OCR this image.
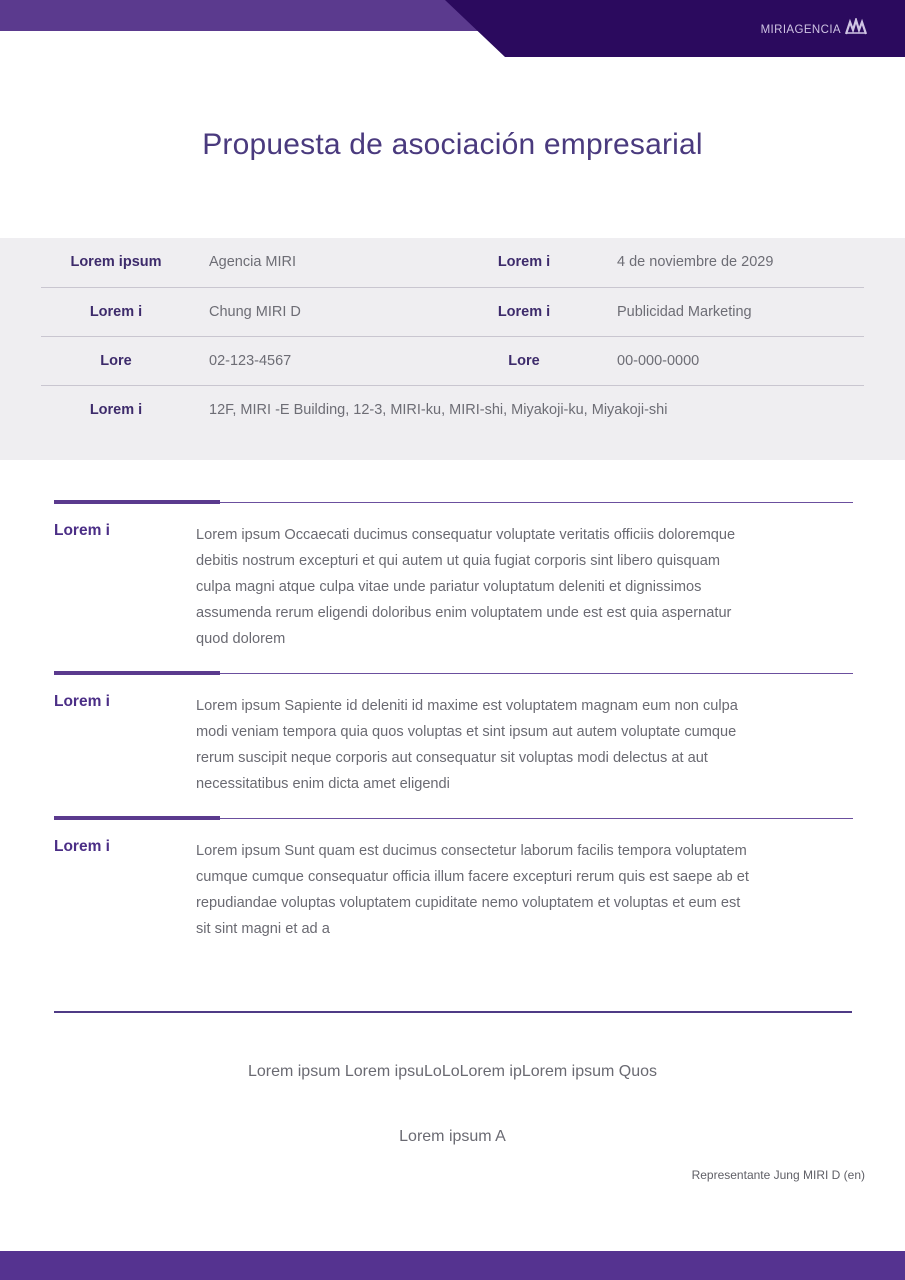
MIRIAGENCIA
Propuesta de asociación empresarial
Lorem ipsum	Agencia MIRI	Lorem i	4 de noviembre de 2029
Lorem i	Chung MIRI D	Lorem i	Publicidad Marketing
Lore	02-123-4567	Lore	00-000-0000
Lorem i	12F, MIRI -E Building, 12-3, MIRI-ku, MIRI-shi, Miyakoji-ku, Miyakoji-shi		
Lorem i	Lorem ipsum Occaecati ducimus consequatur voluptate veritatis officiis doloremque debitis nostrum excepturi et qui autem ut quia fugiat corporis sint libero quisquam culpa magni atque culpa vitae unde pariatur voluptatum deleniti et dignissimos assumenda rerum eligendi doloribus enim voluptatem unde est est quia aspernatur quod dolorem
Lorem i	Lorem ipsum Sapiente id deleniti id maxime est voluptatem magnam eum non culpa modi veniam tempora quia quos voluptas et sint ipsum aut autem voluptate cumque rerum suscipit neque corporis aut consequatur sit voluptas modi delectus at aut necessitatibus enim dicta amet eligendi
Lorem i	Lorem ipsum Sunt quam est ducimus consectetur laborum facilis tempora voluptatem cumque cumque consequatur officia illum facere excepturi rerum quis est saepe ab et repudiandae voluptas voluptatem cupiditate nemo voluptatem et voluptas et eum est sit sint magni et ad a
Lorem ipsum Lorem ipsuLoLoLorem ipLorem ipsum Quos
Lorem ipsum A
Representante Jung MIRI D (en)
